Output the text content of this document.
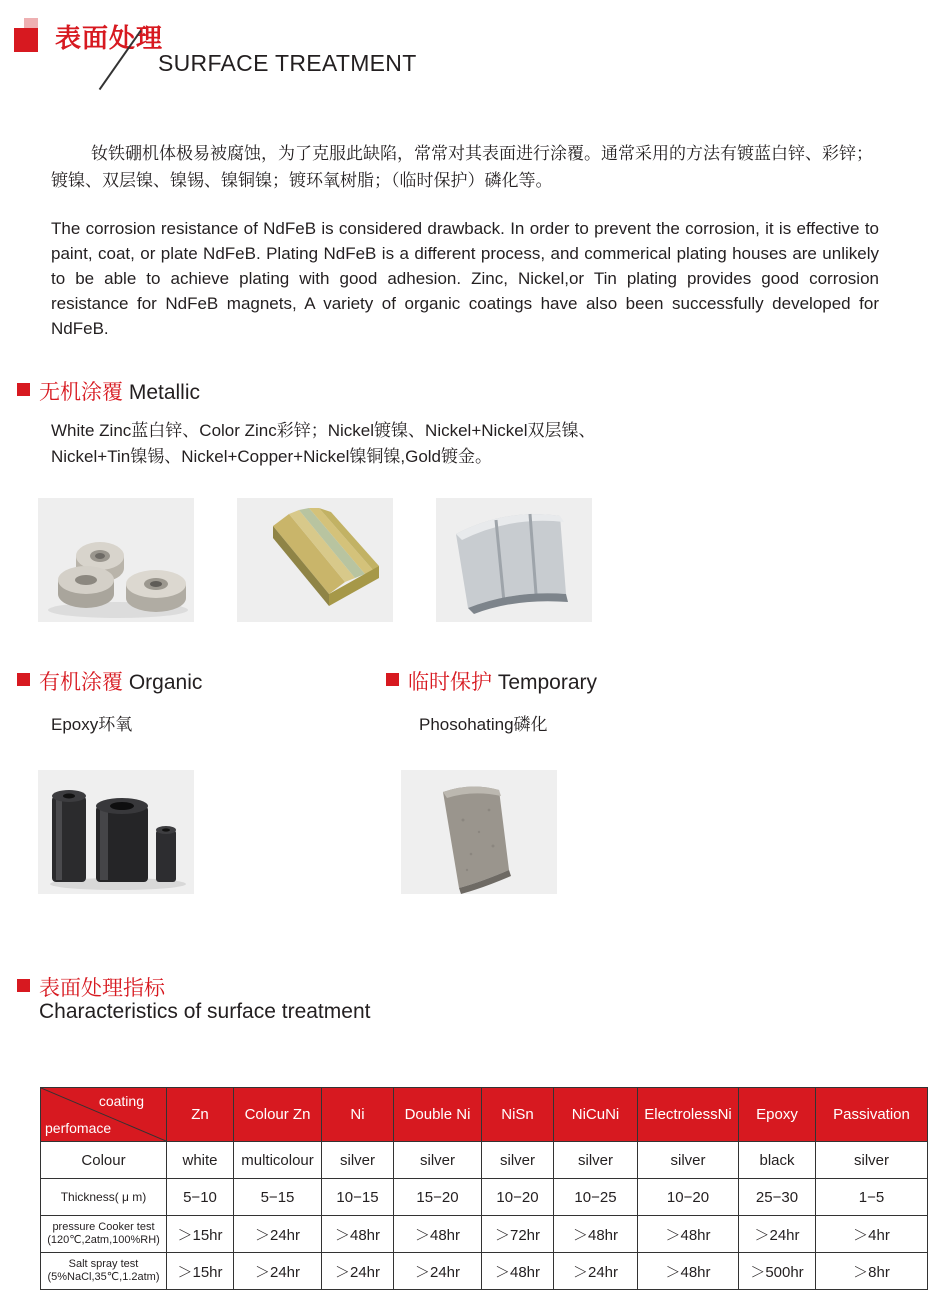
表面处理
SURFACE TREATMENT
钕铁硼机体极易被腐蚀，为了克服此缺陷，常常对其表面进行涂覆。通常采用的方法有镀蓝白锌、彩锌；镀镍、双层镍、镍锡、镍铜镍；镀环氧树脂；（临时保护）磷化等。
The corrosion resistance of NdFeB is considered drawback. In order to prevent the corrosion, it is effective to paint, coat, or plate NdFeB. Plating NdFeB is a different process, and commerical plating houses are unlikely to be able to achieve plating with good adhesion. Zinc, Nickel,or Tin plating provides good corrosion resistance for NdFeB magnets, A variety of organic coatings have also been successfully developed for NdFeB.
无机涂覆 Metallic
White Zinc蓝白锌、Color Zinc彩锌；Nickel镀镍、Nickel+Nickel双层镍、
Nickel+Tin镍锡、Nickel+Copper+Nickel镍铜镍,Gold镀金。
有机涂覆 Organic
Epoxy环氧
临时保护 Temporary
Phosohating磷化
表面处理指标
Characteristics of surface treatment
coating
perfomace	Zn	Colour Zn	Ni	Double Ni	NiSn	NiCuNi	ElectrolessNi	Epoxy	Passivation
Colour	white	multicolour	silver	silver	silver	silver	silver	black	silver
Thickness( μ m)	5−10	5−15	10−15	15−20	10−20	10−25	10−20	25−30	1−5

pressure Cooker test
(120℃,2atm,100%RH)	＞15hr	＞24hr	＞48hr	＞48hr	＞72hr	＞48hr	＞48hr	＞24hr	＞4hr

Salt spray test
(5%NaCl,35℃,1.2atm)	＞15hr	＞24hr	＞24hr	＞24hr	＞48hr	＞24hr	＞48hr	＞500hr	＞8hr
